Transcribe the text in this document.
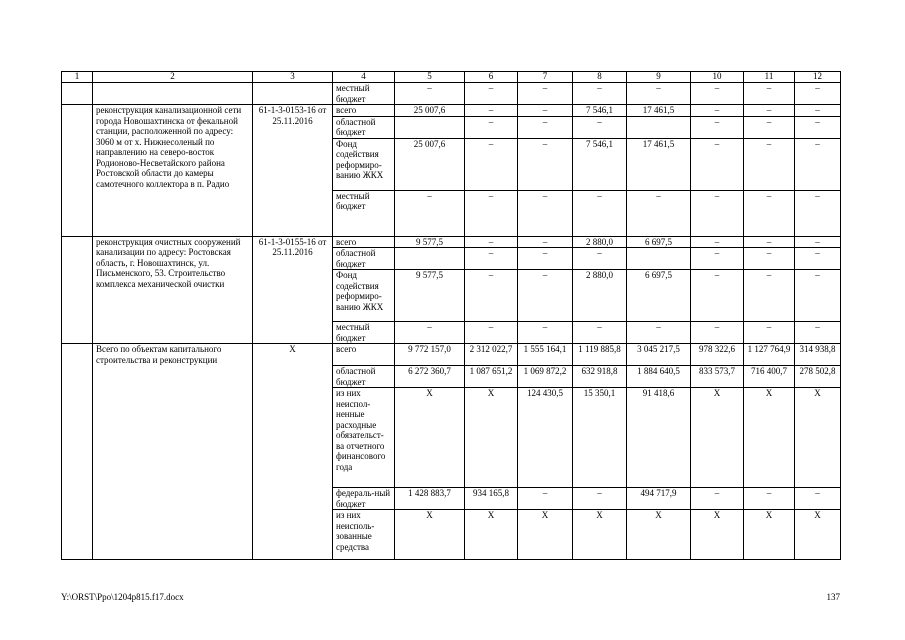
1	2	3	4	5	6	7	8	9	10	11	12
			местный бюджет	–	–	–	–	–	–	–	–
	реконструкция канализационной сети города Новошахтинска от фекальной станции, расположенной по адресу: 3060 м от х. Нижнесоленый по направлению на северо-восток Родионово-Несветайского района Ростовской области до камеры самотечного коллектора в п. Радио	61-1-3-0153-16 от 25.11.2016	всего	25 007,6	–	–	7 546,1	17 461,5	–	–	–
			областной бюджет		–	–	–		–	–	–
			Фонд содействия реформиро-ванию ЖКХ	25 007,6	–	–	7 546,1	17 461,5	–	–	–
			местный бюджет	–	–	–	–	–	–	–	–
	реконструкция очистных сооружений канализации по адресу: Ростовская область, г. Новошахтинск, ул. Письменского, 53. Строительство комплекса механической очистки	61-1-3-0155-16 от 25.11.2016	всего	9 577,5	–	–	2 880,0	6 697,5	–	–	–
			областной бюджет		–	–	–		–	–	–
			Фонд содействия реформиро-ванию ЖКХ	9 577,5	–	–	2 880,0	6 697,5	–	–	–
			местный бюджет	–	–	–	–	–	–	–	–
	Всего по объектам капитального строительства и реконструкции	X	всего	9 772 157,0	2 312 022,7	1 555 164,1	1 119 885,8	3 045 217,5	978 322,6	1 127 764,9	314 938,8
			областной бюджет	6 272 360,7	1 087 651,2	1 069 872,2	632 918,8	1 884 640,5	833 573,7	716 400,7	278 502,8
			из них неиспол-ненные расходные обязательст-ва отчетного финансового года	X	X	124 430,5	15 350,1	91 418,6	X	X	X
			федераль-ный бюджет	1 428 883,7	934 165,8	–	–	494 717,9	–	–	–
			из них неисполь-зованные средства	X	X	X	X	X	X	X	X
Y:\ORST\Ppo\1204p815.f17.docx	137
